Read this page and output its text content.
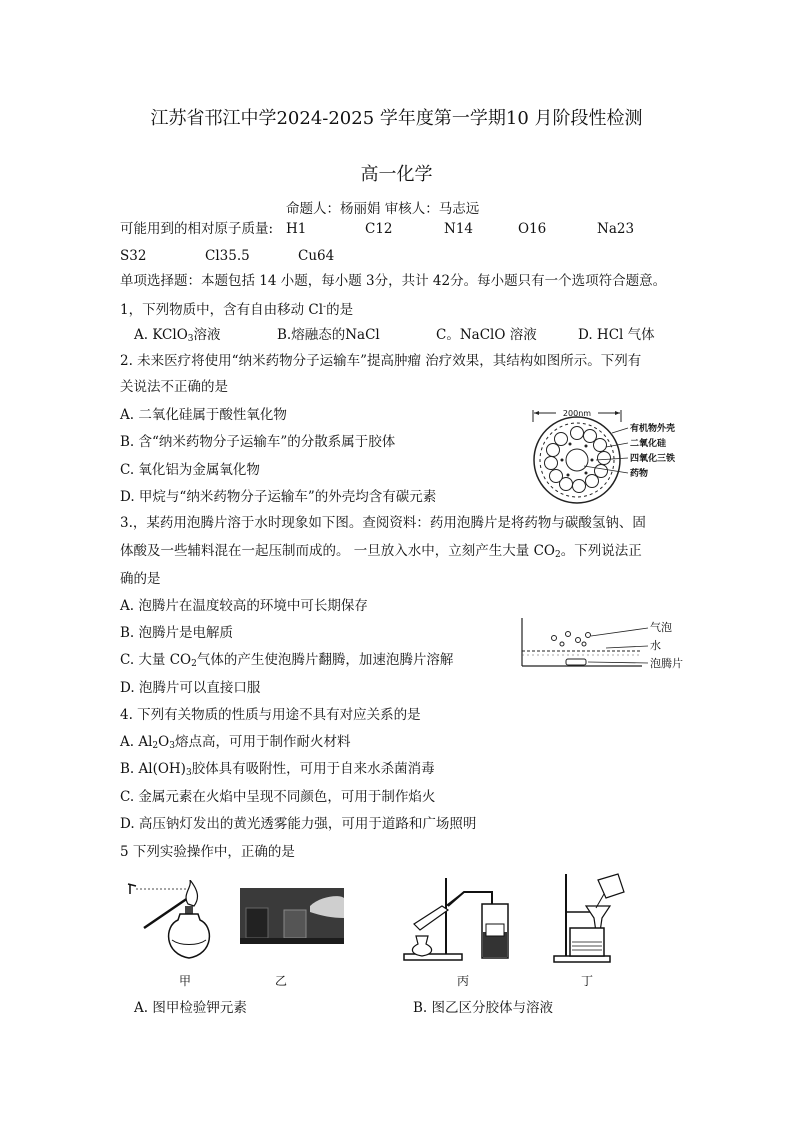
江苏省邗江中学2024-2025 学年度第一学期10 月阶段性检测
高一化学
命题人：杨丽娟 审核人：马志远
可能用到的相对原子质量: H1	C12	N14	O16	Na23
S32	Cl35.5	Cu64
单项选择题：本题包括 14 小题，每小题 3分，共计 42分。每小题只有一个选项符合题意。
1，下列物质中，含有自由移动 Cl-的是
A. KClO$_3$溶液	B.熔融态的NaCl	C。NaClO 溶液	D. HCl 气体
2. 未来医疗将使用“纳米药物分子运输车”提高肿瘤 治疗效果，其结构如图所示。下列有
关说法不正确的是
A. 二氧化硅属于酸性氧化物
B. 含“纳米药物分子运输车”的分散系属于胶体
C. 氧化铝为金属氧化物
D. 甲烷与“纳米药物分子运输车”的外壳均含有碳元素
200nm
有机物外壳
二氧化硅
四氧化三铁
药物
3.，某药用泡腾片溶于水时现象如下图。查阅资料：药用泡腾片是将药物与碳酸氢钠、固
体酸及一些辅料混在一起压制而成的。 一旦放入水中，立刻产生大量 $CO_2$。下列说法正
确的是
A. 泡腾片在温度较高的环境中可长期保存
B. 泡腾片是电解质
C. 大量 $CO_2$气体的产生使泡腾片翻腾，加速泡腾片溶解
D. 泡腾片可以直接口服
气泡
水
泡腾片
4. 下列有关物质的性质与用途不具有对应关系的是
A. $Al_2O_3$熔点高，可用于制作耐火材料
B. $Al(OH)_3$胶体具有吸附性，可用于自来水杀菌消毒
C. 金属元素在火焰中呈现不同颜色，可用于制作焰火
D. 高压钠灯发出的黄光透雾能力强，可用于道路和广场照明
5 下列实验操作中，正确的是
甲	乙	丙	丁
A. 图甲检验钾元素	B. 图乙区分胶体与溶液
